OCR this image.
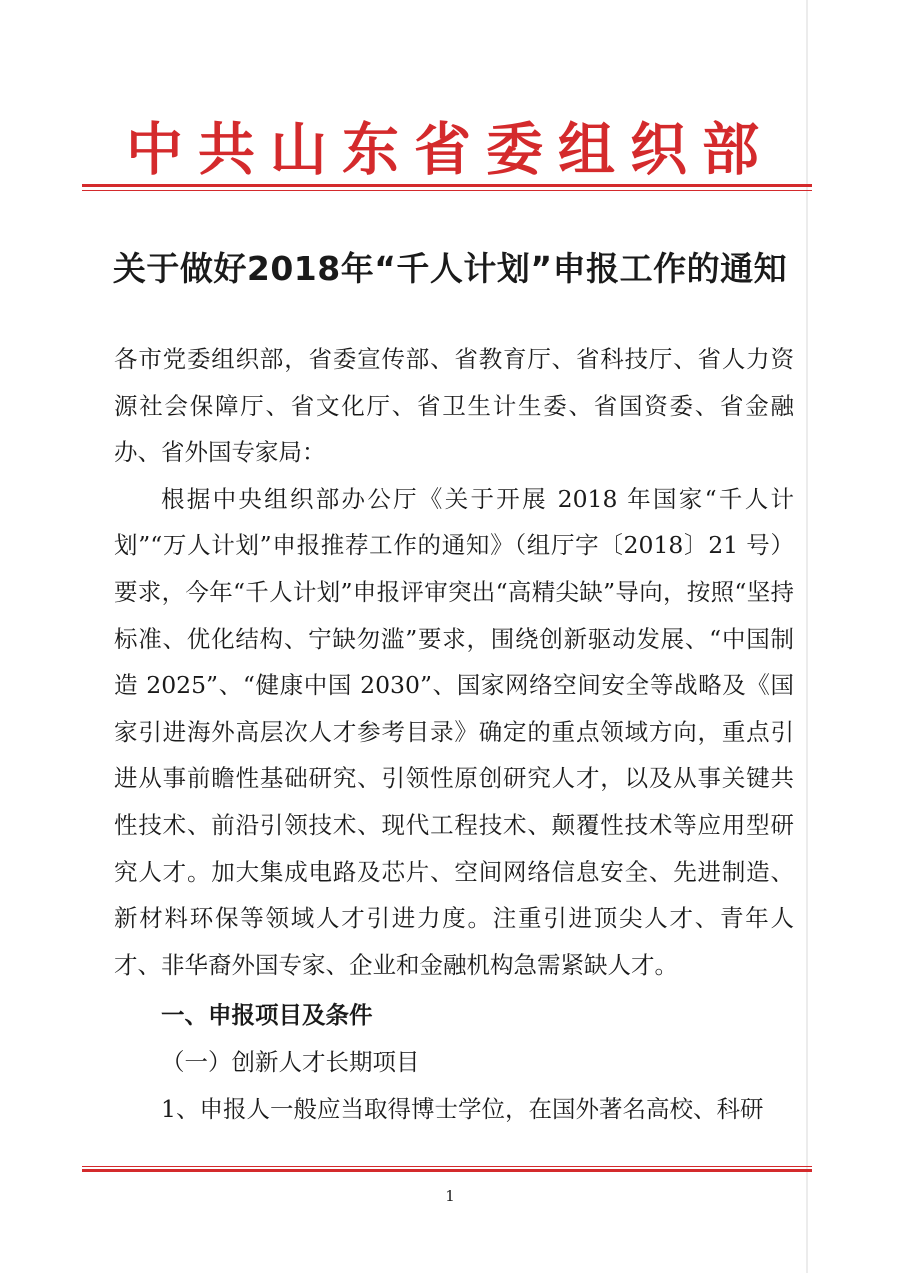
中共山东省委组织部
关于做好2018年“千人计划”申报工作的通知

各市党委组织部，省委宣传部、省教育厅、省科技厅、省人力资源社会保障厅、省文化厅、省卫生计生委、省国资委、省金融办、省外国专家局：

根据中央组织部办公厅《关于开展 2018 年国家“千人计划”“万人计划”申报推荐工作的通知》（组厅字〔2018〕21 号）要求，今年“千人计划”申报评审突出“高精尖缺”导向，按照“坚持标准、优化结构、宁缺勿滥”要求，围绕创新驱动发展、“中国制造 2025”、“健康中国 2030”、国家网络空间安全等战略及《国家引进海外高层次人才参考目录》确定的重点领域方向，重点引进从事前瞻性基础研究、引领性原创研究人才，以及从事关键共性技术、前沿引领技术、现代工程技术、颠覆性技术等应用型研究人才。加大集成电路及芯片、空间网络信息安全、先进制造、新材料环保等领域人才引进力度。注重引进顶尖人才、青年人才、非华裔外国专家、企业和金融机构急需紧缺人才。

一、申报项目及条件

（一）创新人才长期项目

1、申报人一般应当取得博士学位，在国外著名高校、科研

1
